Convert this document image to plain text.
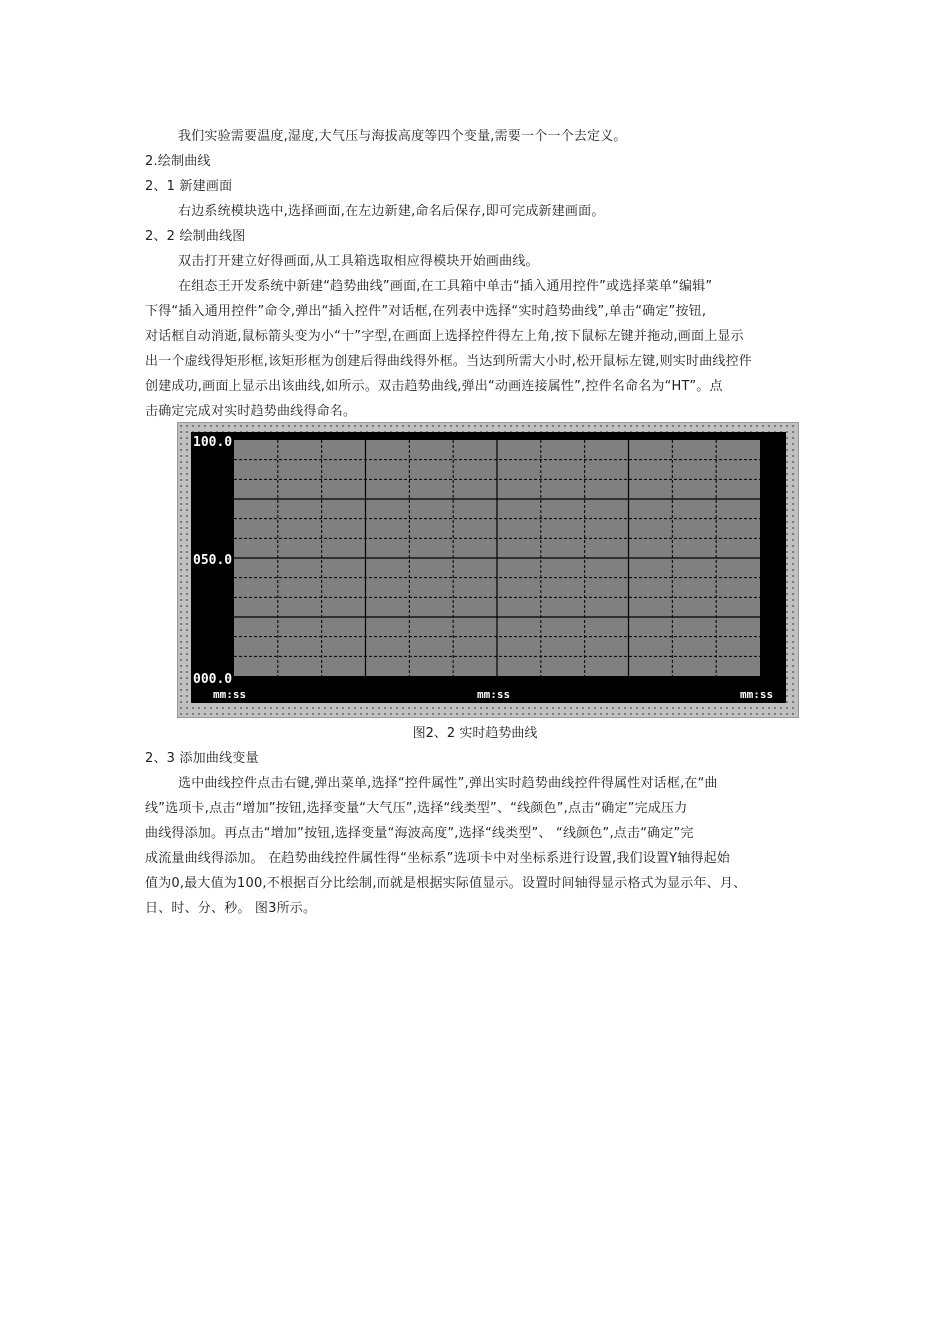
我们实验需要温度,湿度,大气压与海拔高度等四个变量,需要一个一个去定义。
2.绘制曲线
2、1 新建画面
右边系统模块选中,选择画面,在左边新建,命名后保存,即可完成新建画面。
2、2 绘制曲线图
双击打开建立好得画面,从工具箱选取相应得模块开始画曲线。
在组态王开发系统中新建“趋势曲线”画面,在工具箱中单击“插入通用控件”或选择菜单“编辑”
下得“插入通用控件”命令,弹出“插入控件”对话框,在列表中选择“实时趋势曲线”,单击“确定”按钮,
对话框自动消逝,鼠标箭头变为小“十”字型,在画面上选择控件得左上角,按下鼠标左键并拖动,画面上显示
出一个虚线得矩形框,该矩形框为创建后得曲线得外框。当达到所需大小时,松开鼠标左键,则实时曲线控件
创建成功,画面上显示出该曲线,如所示。双击趋势曲线,弹出“动画连接属性”,控件名命名为“HT”。点
击确定完成对实时趋势曲线得命名。
100.0
050.0
000.0
mm:ss	mm:ss	mm:ss
图2、2 实时趋势曲线
2、3 添加曲线变量
选中曲线控件点击右键,弹出菜单,选择“控件属性”,弹出实时趋势曲线控件得属性对话框,在“曲
线”选项卡,点击“增加”按钮,选择变量“大气压”,选择“线类型”、“线颜色”,点击“确定”完成压力
曲线得添加。再点击“增加”按钮,选择变量“海波高度”,选择“线类型”、 “线颜色”,点击“确定”完
成流量曲线得添加。 在趋势曲线控件属性得“坐标系”选项卡中对坐标系进行设置,我们设置Y轴得起始
值为0,最大值为100,不根据百分比绘制,而就是根据实际值显示。设置时间轴得显示格式为显示年、月、
日、时、分、秒。 图3所示。
